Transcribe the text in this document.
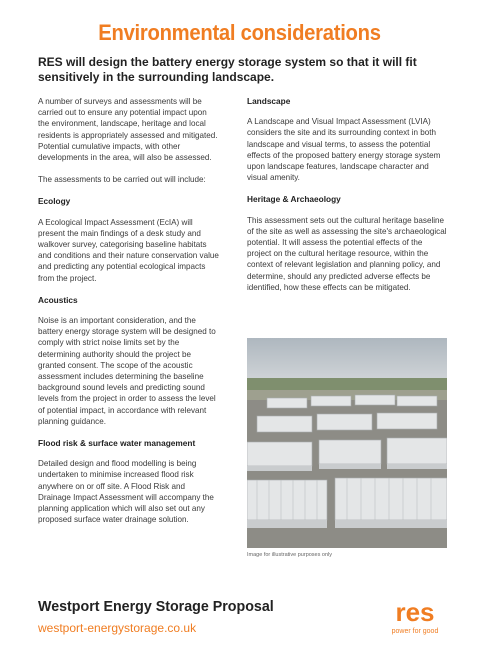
Environmental considerations
RES will design the battery energy storage system so that it will fit sensitively in the surrounding landscape.

A number of surveys and assessments will be carried out to ensure any potential impact upon the environment, landscape, heritage and local residents is appropriately assessed and mitigated. Potential cumulative impacts, with other developments in the area, will also be assessed.

The assessments to be carried out will include:

Ecology

A Ecological Impact Assessment (EcIA) will present the main findings of a desk study and walkover survey, categorising baseline habitats and conditions and their nature conservation value and predicting any potential ecological impacts from the project.

Acoustics

Noise is an important consideration, and the battery energy storage system will be designed to comply with strict noise limits set by the determining authority should the project be granted consent. The scope of the acoustic assessment includes determining the baseline background sound levels and predicting sound levels from the project in order to assess the level of potential impact, in accordance with relevant planning guidance.

Flood risk & surface water management

Detailed design and flood modelling is being undertaken to minimise increased flood risk anywhere on or off site. A Flood Risk and Drainage Impact Assessment will accompany the planning application which will also set out any proposed surface water drainage solution.

Landscape

A Landscape and Visual Impact Assessment (LVIA) considers the site and its surrounding context in both landscape and visual terms, to assess the potential effects of the proposed battery energy storage system upon landscape features, landscape character and visual amenity.

Heritage & Archaeology

This assessment sets out the cultural heritage baseline of the site as well as assessing the site's archaeological potential. It will assess the potential effects of the project on the cultural heritage resource, within the context of relevant legislation and planning policy, and determine, should any predicted adverse effects be identified, how these effects can be mitigated.

Image for illustrative purposes only
Westport Energy Storage Proposal
westport-energystorage.co.uk
res
power for good
